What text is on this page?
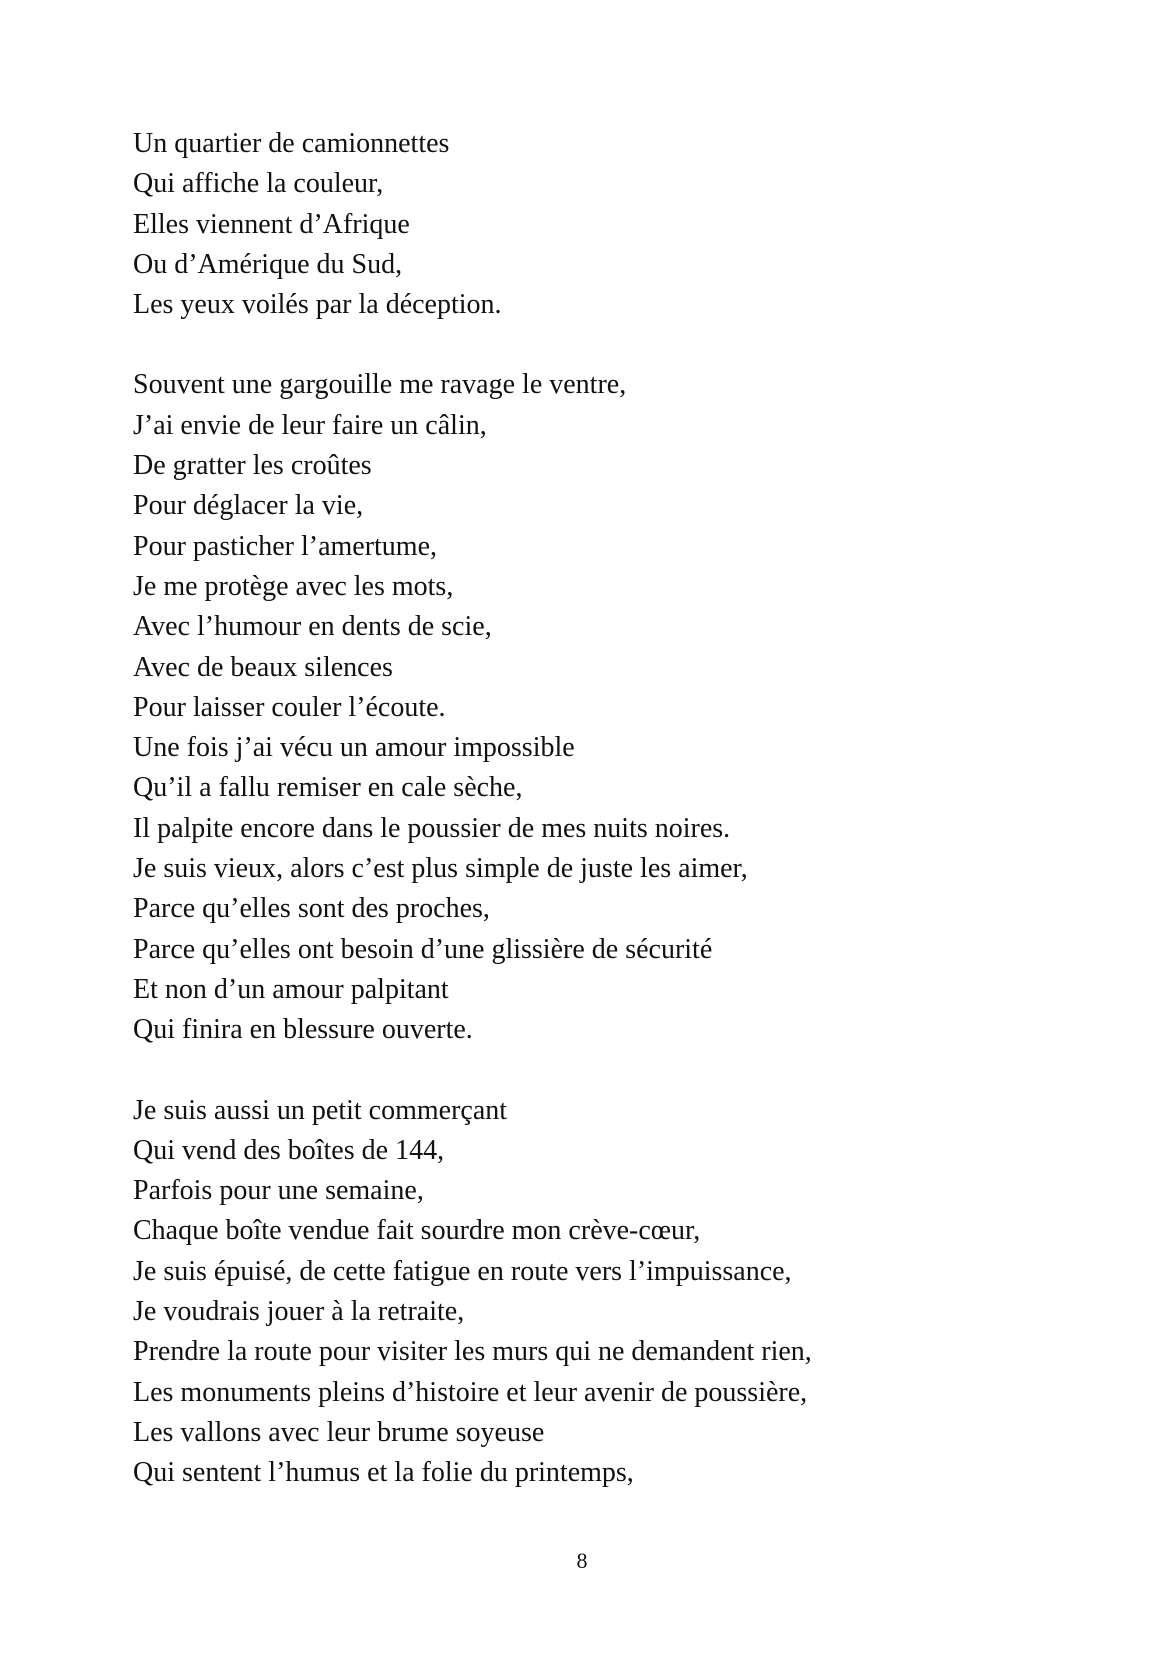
Un quartier de camionnettes
Qui affiche la couleur,
Elles viennent d’Afrique
Ou d’Amérique du Sud,
Les yeux voilés par la déception.
Souvent une gargouille me ravage le ventre,
J’ai envie de leur faire un câlin,
De gratter les croûtes
Pour déglacer la vie,
Pour pasticher l’amertume,
Je me protège avec les mots,
Avec l’humour en dents de scie,
Avec de beaux silences
Pour laisser couler l’écoute.
Une fois j’ai vécu un amour impossible
Qu’il a fallu remiser en cale sèche,
Il palpite encore dans le poussier de mes nuits noires.
Je suis vieux, alors c’est plus simple de juste les aimer,
Parce qu’elles sont des proches,
Parce qu’elles ont besoin d’une glissière de sécurité
Et non d’un amour palpitant
Qui finira en blessure ouverte.
Je suis aussi un petit commerçant
Qui vend des boîtes de 144,
Parfois pour une semaine,
Chaque boîte vendue fait sourdre mon crève-cœur,
Je suis épuisé, de cette fatigue en route vers l’impuissance,
Je voudrais jouer à la retraite,
Prendre la route pour visiter les murs qui ne demandent rien,
Les monuments pleins d’histoire et leur avenir de poussière,
Les vallons avec leur brume soyeuse
Qui sentent l’humus et la folie du printemps,
8
